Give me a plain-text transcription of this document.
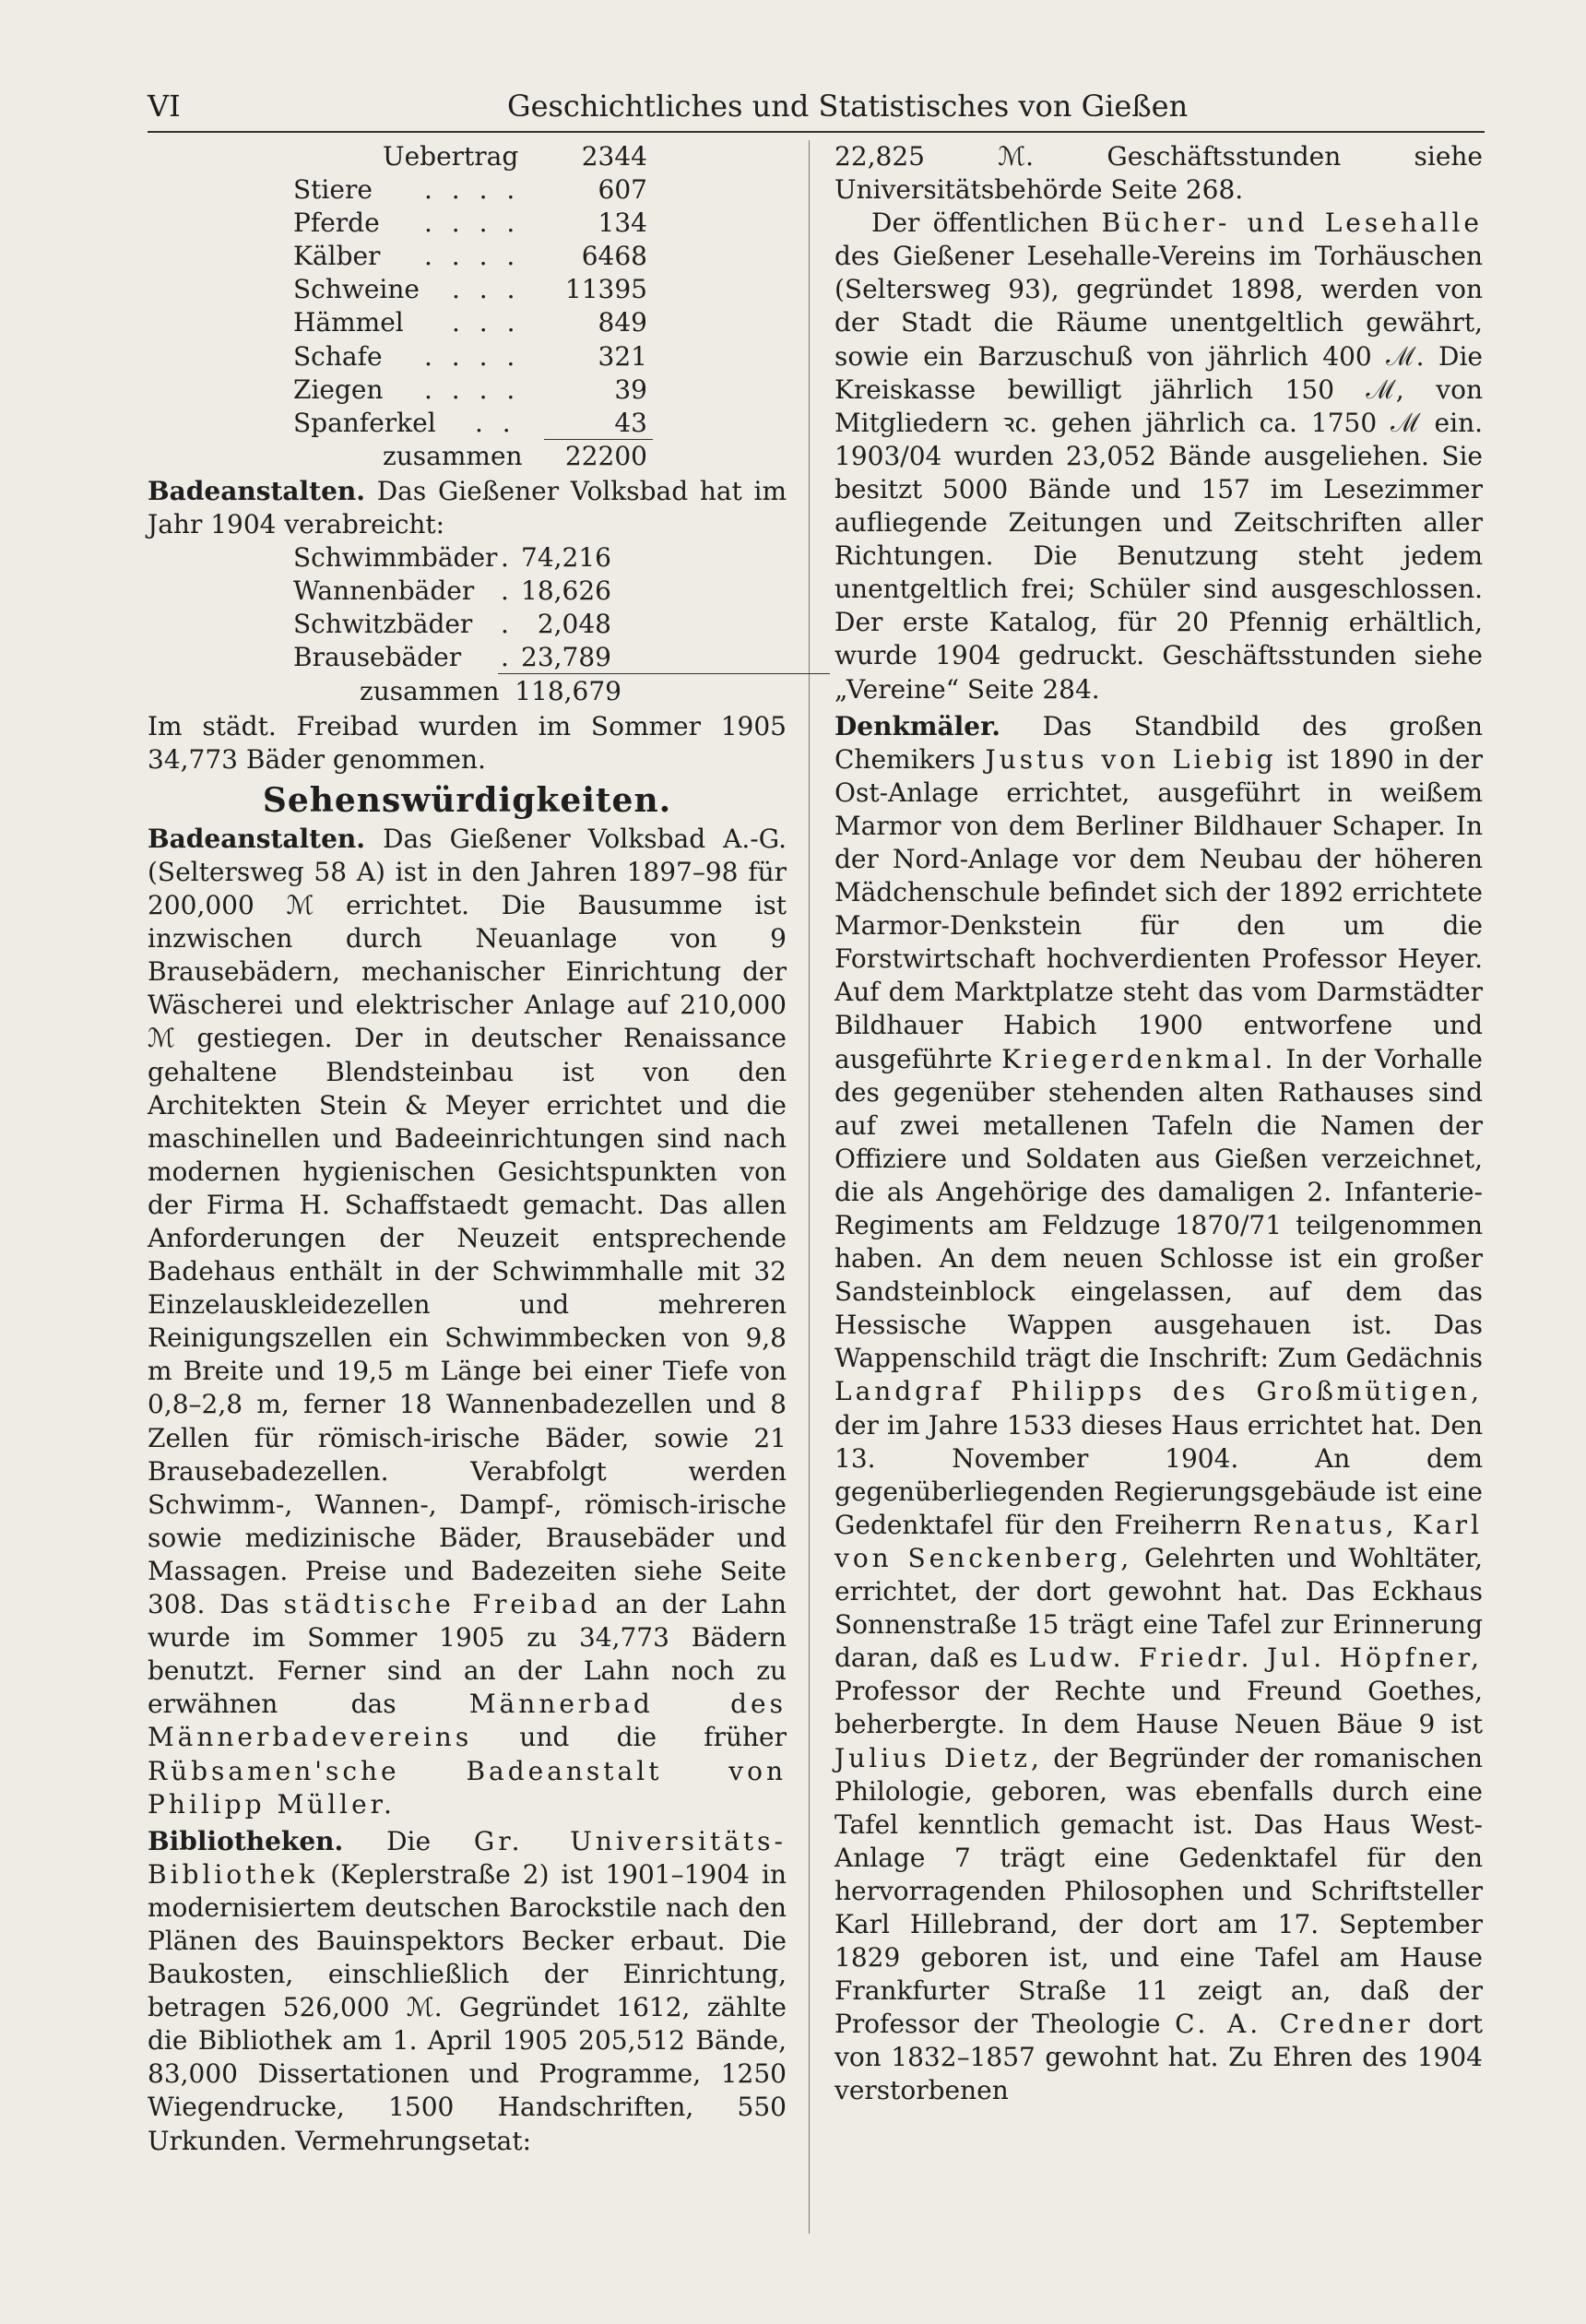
VI	Geschichtliches und Statistisches von Gießen
Uebertrag	2344
Stiere . . . .	607
Pferde . . . .	134
Kälber . . . .	6468
Schweine . . .	11395
Hämmel . . .	849
Schafe . . . .	321
Ziegen . . . .	39
Spanferkel . .	43
zusammen	22200

Badeanstalten. Das Gießener Volksbad hat im Jahr 1904 verabreicht:

Schwimmbäder . 74,216
Wannenbäder . 18,626
Schwitzbäder . 2,048
Brausebäder . 23,789
zusammen 118,679

Im städt. Freibad wurden im Sommer 1905 34,773 Bäder genommen.

Sehenswürdigkeiten.

Badeanstalten. Das Gießener Volksbad A.-G. (Seltersweg 58 A) ist in den Jahren 1897–98 für 200,000 ℳ errichtet. Die Bausumme ist inzwischen durch Neuanlage von 9 Brausebädern, mechanischer Einrichtung der Wäscherei und elektrischer Anlage auf 210,000 ℳ gestiegen. Der in deutscher Renaissance gehaltene Blendsteinbau ist von den Architekten Stein & Meyer errichtet und die maschinellen und Badeeinrichtungen sind nach modernen hygienischen Gesichtspunkten von der Firma H. Schaffstaedt gemacht. Das allen Anforderungen der Neuzeit entsprechende Badehaus enthält in der Schwimmhalle mit 32 Einzelauskleidezellen und mehreren Reinigungszellen ein Schwimmbecken von 9,8 m Breite und 19,5 m Länge bei einer Tiefe von 0,8–2,8 m, ferner 18 Wannenbadezellen und 8 Zellen für römisch-irische Bäder, sowie 21 Brausebadezellen. Verabfolgt werden Schwimm-, Wannen-, Dampf-, römisch-irische sowie medizinische Bäder, Brausebäder und Massagen. Preise und Badezeiten siehe Seite 308. Das städtische Freibad an der Lahn wurde im Sommer 1905 zu 34,773 Bädern benutzt. Ferner sind an der Lahn noch zu erwähnen das	Männerbad des Männerbadevereins und die früher Rübsamen'sche Badeanstalt von Philipp Müller.

Bibliotheken. Die Gr. Universitäts-Bibliothek (Keplerstraße 2) ist 1901–1904 in modernisiertem deutschen Barockstile nach den Plänen des Bauinspektors Becker erbaut. Die Baukosten, einschließlich der Einrichtung, betragen 526,000 ℳ. Gegründet 1612, zählte die Bibliothek am 1. April 1905 205,512 Bände, 83,000 Dissertationen und Programme, 1250 Wiegendrucke, 1500 Handschriften, 550 Urkunden. Vermehrungsetat:

22,825 ℳ. Geschäftsstunden siehe Universitätsbehörde Seite 268.

Der öffentlichen Bücher- und Lesehalle des Gießener Lesehalle-Vereins im Torhäuschen (Seltersweg 93), gegründet 1898, werden von der Stadt die Räume unentgeltlich gewährt, sowie ein Barzuschuß von jährlich 400 ℳ. Die Kreiskasse bewilligt jährlich 150 ℳ, von Mitgliedern ꝛc. gehen jährlich ca. 1750 ℳ ein. 1903/04 wurden 23,052 Bände ausgeliehen. Sie besitzt 5000 Bände und 157 im Lesezimmer aufliegende Zeitungen und Zeitschriften aller Richtungen. Die Benutzung steht jedem unentgeltlich frei; Schüler sind ausgeschlossen. Der erste Katalog, für 20 Pfennig erhältlich, wurde 1904 gedruckt. Geschäftsstunden siehe „Vereine“ Seite 284.

Denkmäler. Das Standbild des großen Chemikers Justus von Liebig ist 1890 in der Ost-Anlage errichtet, ausgeführt in weißem Marmor von dem Berliner Bildhauer Schaper. In der Nord-Anlage vor dem Neubau der höheren Mädchenschule befindet sich der 1892 errichtete Marmor-Denkstein für den um die Forstwirtschaft hochverdienten Professor Heyer. Auf dem Marktplatze steht das vom Darmstädter Bildhauer Habich 1900 entworfene und ausgeführte Kriegerdenkmal. In der Vorhalle des gegenüber stehenden alten Rathauses sind auf zwei metallenen Tafeln die Namen der Offiziere und Soldaten aus Gießen verzeichnet, die als Angehörige des damaligen 2. Infanterie-Regiments am Feldzuge 1870/71 teilgenommen haben. An dem neuen Schlosse ist ein großer Sandsteinblock eingelassen, auf dem das Hessische Wappen ausgehauen ist. Das Wappenschild trägt die Inschrift: Zum Gedächnis Landgraf Philipps des Großmütigen, der im Jahre 1533 dieses Haus errichtet hat. Den 13. November 1904. An dem gegenüberliegenden Regierungsgebäude ist eine Gedenktafel für den Freiherrn Renatus, Karl von Senckenberg, Gelehrten und Wohltäter, errichtet, der dort gewohnt hat. Das Eckhaus Sonnenstraße 15 trägt eine Tafel zur Erinnerung daran, daß es Ludw. Friedr. Jul. Höpfner, Professor der Rechte und Freund Goethes, beherbergte. In dem Hause Neuen Bäue 9 ist Julius Dietz, der Begründer der romanischen Philologie, geboren, was ebenfalls durch eine Tafel kenntlich gemacht ist. Das Haus West-Anlage 7 trägt eine Gedenktafel für den hervorragenden Philosophen und Schriftsteller Karl Hillebrand, der dort am 17. September 1829 geboren ist, und eine Tafel am Hause Frankfurter Straße 11 zeigt an, daß der Professor der Theologie C. A. Credner dort von 1832–1857 gewohnt hat. Zu Ehren des 1904 verstorbenen
